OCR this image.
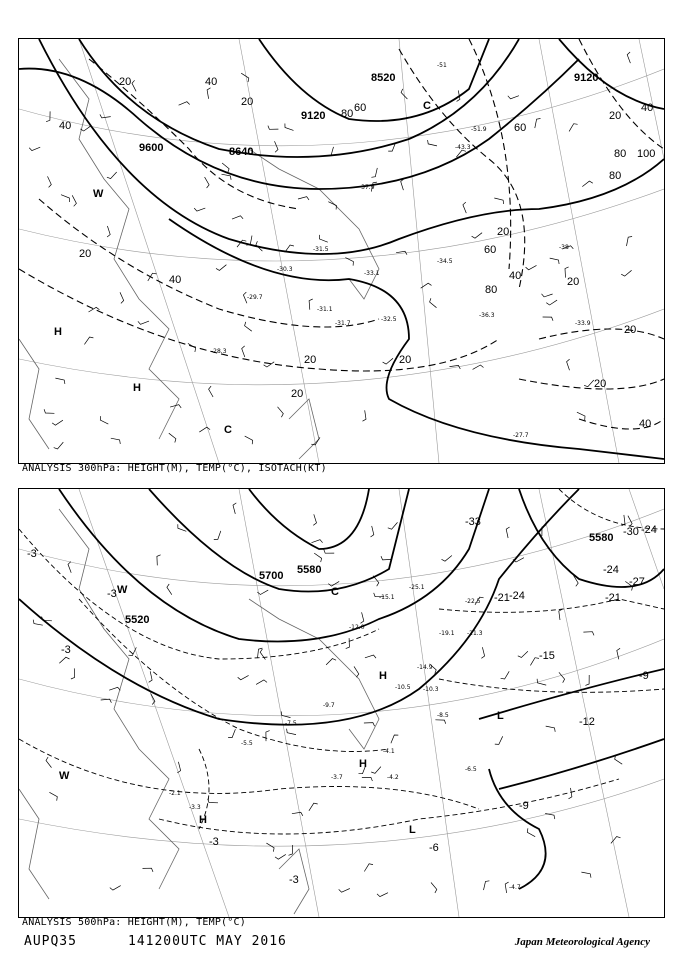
8520
9120
9600	8640
9120
20	40
20
40
20
60
80
60
20
40
80 100
80
20
20
40
20
20
20
20
40
20
60
80
40
H
H
W
C
C
-37.9
-33.1
-31.5
-30.3
-29.7
-28.3
-36.3
-32.5
-31.1
-31.7
-34.5
-27.7
-51
-43.3
-51.9
-38
-33.9
ANALYSIS 300hPa: HEIGHT(M), TEMP(°C), ISOTACH(KT)
5700 5580
5520
5580
-3
-3
-3
-6
-9
-12
-15
-9
-21
-24
-27
-24
-30
-33
-21 -24
-3
-3
H
H
H
L
L
W
W
C
-22.5
-21.3
-19.1
-14.9
-10.3
-10.5
-8.5
-6.5
-4.7
-4.1
-4.2
-3.7
-3.3
-2.1
-5.5
-7.5
-9.7
-12.0
-15.1
-25.1
ANALYSIS 500hPa: HEIGHT(M), TEMP(°C)
AUPQ35	141200UTC MAY 2016	Japan Meteorological Agency
